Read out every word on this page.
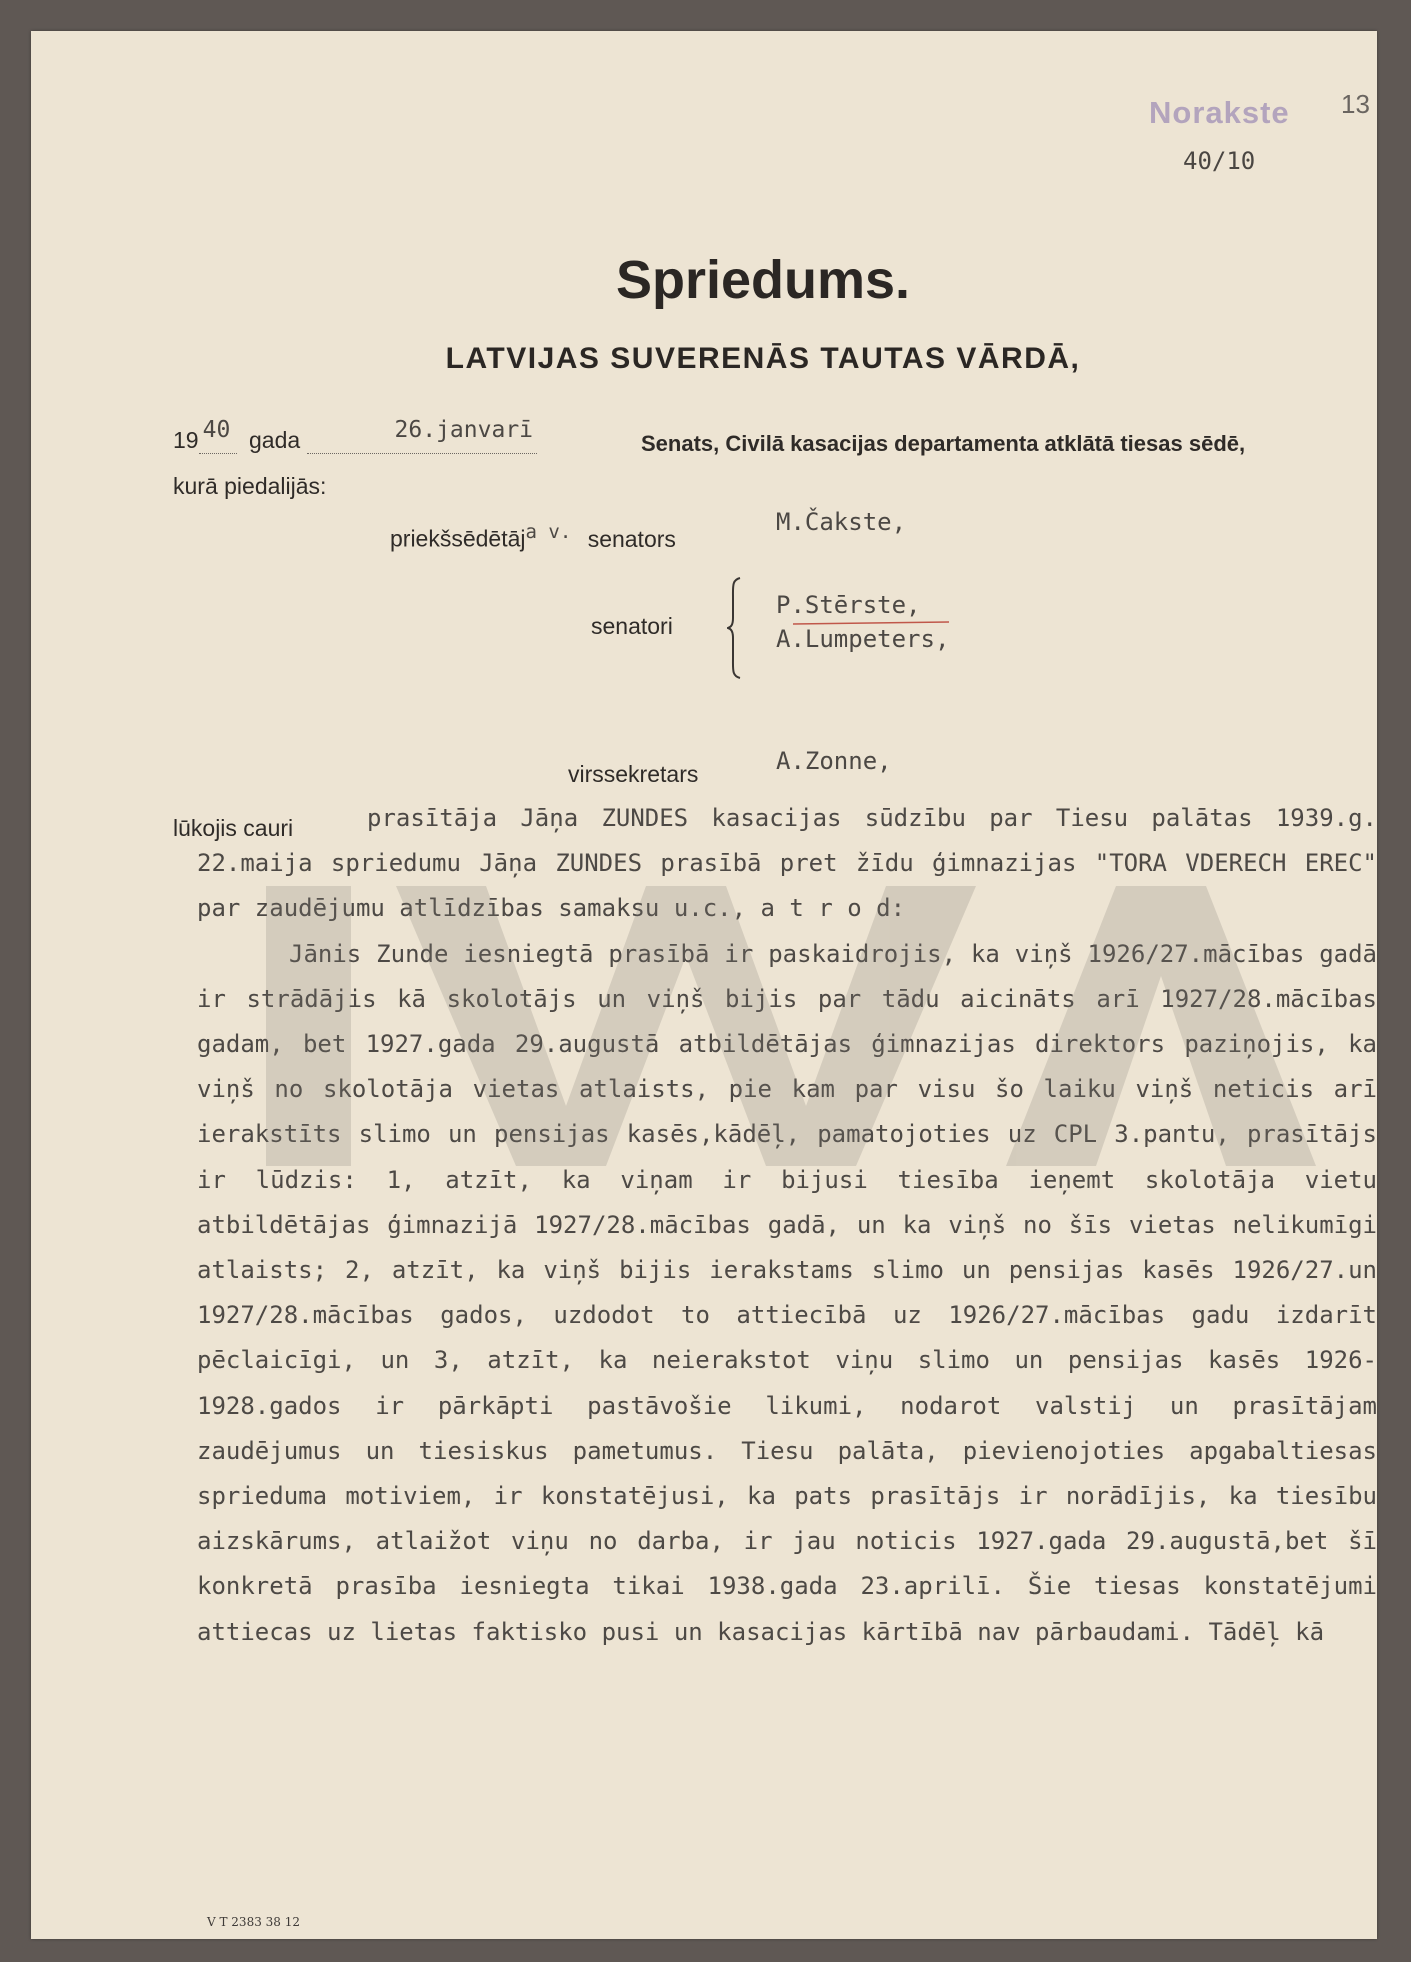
Norakste 13
40/10
Spriedums.
LATVIJAS SUVERENĀS TAUTAS VĀRDĀ,
19 40 gada	26.janvarī
Senats, Civilā kasacijas departamenta atklātā tiesas sēdē,
kurā piedalijās:
priekšsēdētāj$^{a v.}$ senators
M.Čakste,
senatori
P.Stērste,
A.Lumpeters,
virssekretars	A.Zonne,
lūkojis cauri	prasītāja Jāņa ZUNDES kasacijas sūdzību par Tiesu palātas 1939.g. 22.maija spriedumu Jāņa ZUNDES prasībā pret žīdu ģimnazijas "TORA VDERECH EREC" par zaudējumu atlīdzības samaksu u.c., a t r o d:

Jānis Zunde iesniegtā prasībā ir paskaidrojis, ka viņš 1926/27.mācības gadā ir strādājis kā skolotājs un viņš bijis par tādu aicināts arī 1927/28.mācības gadam, bet 1927.gada 29.augustā atbildētājas ģimnazijas direktors paziņojis, ka viņš no skolotāja vietas atlaists, pie kam par visu šo laiku viņš neticis arī ierakstīts slimo un pensijas kasēs,kādēļ, pamatojoties uz CPL 3.pantu, prasītājs ir lūdzis: 1, atzīt, ka viņam ir bijusi tiesība ieņemt skolotāja vietu atbildētājas ģimnazijā 1927/28.mācības gadā, un ka viņš no šīs vietas nelikumīgi atlaists; 2, atzīt, ka viņš bijis ierakstams slimo un pensijas kasēs 1926/27.un 1927/28.mācības gados, uzdodot to attiecībā uz 1926/27.mācības gadu izdarīt pēclaicīgi, un 3, atzīt, ka neierakstot viņu slimo un pensijas kasēs 1926-1928.gados ir pārkāpti pastāvošie likumi, nodarot valstij un prasītājam zaudējumus un tiesiskus pametumus. Tiesu palāta, pievienojoties apgabaltiesas sprieduma motiviem, ir konstatējusi, ka pats prasītājs ir norādījis, ka tiesību aizskārums, atlaižot viņu no darba, ir jau noticis 1927.gada 29.augustā,bet šī konkretā prasība iesniegta tikai 1938.gada 23.aprilī. Šie tiesas konstatējumi attiecas uz lietas faktisko pusi un kasacijas kārtībā nav pārbaudami. Tādēļ kā

V T 2383 38 12
